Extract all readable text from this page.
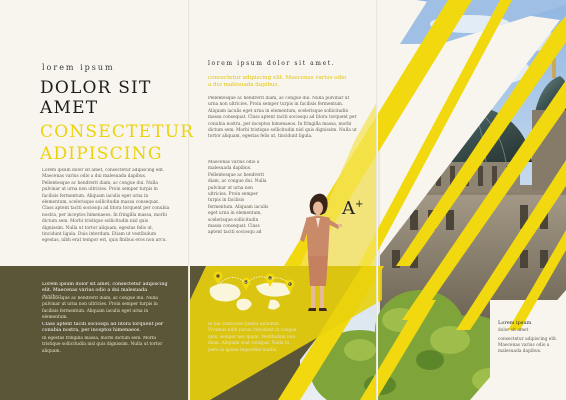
lorem ipsum

DOLOR SIT

AMET

CONSECTETUR

ADIPISCING

Lorem ipsum dolor sit amet, consectetur adipiscing elit. Maecenas varius odio a dui malesuada dapibus. Pellentesque ac hendrerit diam, ac congue dui. Nulla pulvinar ut urna non ultricies. Proin semper turpis in facilisis fermentum. Aliquam iaculis eget urna in elementum, scelerisque sollicitudin massa consequat. Class aptent taciti sociosqu ad litora torquent per conubia nostra, per inceptos himenaeos. In fringilla massa, morbi dictum sem. Morbi tristique sollicitudin nisl quis dignissim. Nulla ut tortor aliquam, egestas felis ut, tincidunt ligula. Duis interdum. Etiam ut vestibulum egestas, nibh erat tempor est, quis finibus eros non arcu.

Lorem ipsum dolor sit amet, consectetur adipiscing elit. Maecenas varius odio a dui malesuada

Pellentesque ac hendrerit diam, ac congue dui. Nulla pulvinar ut urna non ultricies. Proin semper turpis in facilisis fermentum. Aliquam iaculis eget urna in elementum.

Class aptent taciti sociosqu ad litora torquent per conubia nostra, per inceptos himenaeos.

In egestas fringilla massa, morbi dictum sem. Morbi tristique sollicitudin nisl quis dignissim. Nulla ut tortor aliquam.

lorem ipsum dolor sit amet.

consectetur adipiscing elit. Maecenas varius odio a dui malesuada dapibus.

Pellentesque ac hendrerit diam, ac congue dui. Nulla pulvinar ut urna non ultricies. Proin semper turpis in facilisis fermentum. Aliquam iaculis eget urna in elementum, scelerisque sollicitudin massa consequat. Class aptent taciti sociosqu ad litora torquent per conubia nostra, per inceptos himenaeos. In fringilla massa, morbi dictum sem. Morbi tristique sollicitudin nisl quis dignissim. Nulla ut tortor aliquam, egestas felis ut, tincidunt ligula.

Maecenas varius odio a malesuada dapibus. Pellentesque ac hendrerit diam, ac congue dui. Nulla pulvinar ut urna non ultricies. Proin semper turpis in facilisis fermentum. Aliquam iaculis eget urna in elementum, scelerisque sollicitudin massa consequat. Class aptent taciti sociosqu ad

A+

In hac habitasse platea dictumst. Vivamus nibh purus, tincidunt in congue quis, semper nec quam. Vestibulum non diam. Aliquam erat volutpat. Nulla in justo in ipsum imperdiet mattis.

Lorem ipsum

dolor sit amet

consectetur adipiscing elit.

Maecenas varius odio a malesuada dapibus.
